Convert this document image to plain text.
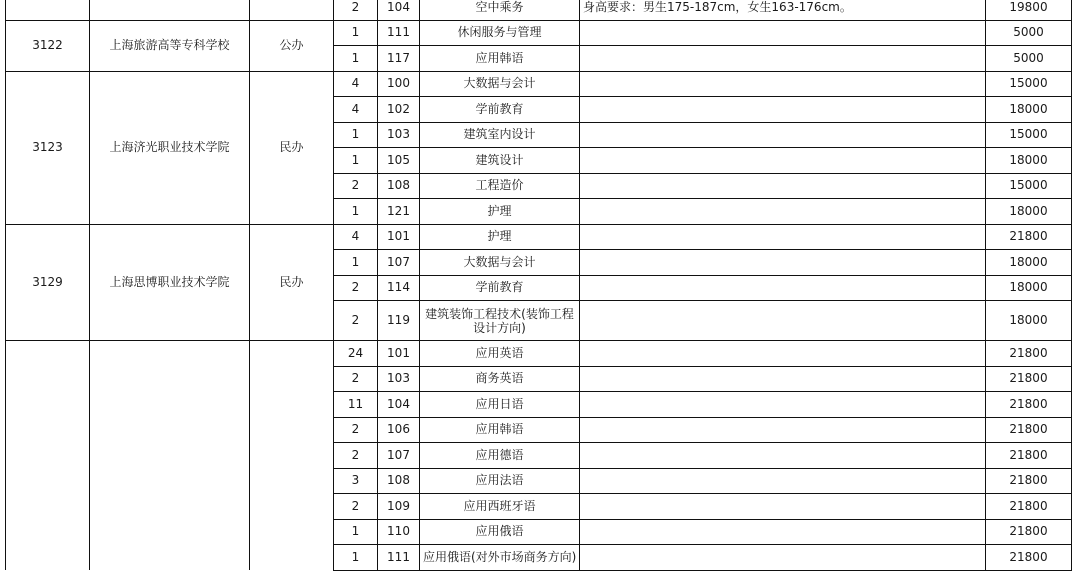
			2	104	空中乘务	身高要求：男生175-187cm，女生163-176cm。	19800
3122	上海旅游高等专科学校	公办	1	111	休闲服务与管理		5000
			1	117	应用韩语		5000
3123	上海济光职业技术学院	民办	4	100	大数据与会计		15000
			4	102	学前教育		18000
			1	103	建筑室内设计		15000
			1	105	建筑设计		18000
			2	108	工程造价		15000
			1	121	护理		18000
3129	上海思博职业技术学院	民办	4	101	护理		21800
			1	107	大数据与会计		18000
			2	114	学前教育		18000
			2	119	建筑装饰工程技术(装饰工程设计方向)		18000
			24	101	应用英语		21800
			2	103	商务英语		21800
			11	104	应用日语		21800
			2	106	应用韩语		21800
			2	107	应用德语		21800
			3	108	应用法语		21800
			2	109	应用西班牙语		21800
			1	110	应用俄语		21800
			1	111	应用俄语(对外市场商务方向)		21800
